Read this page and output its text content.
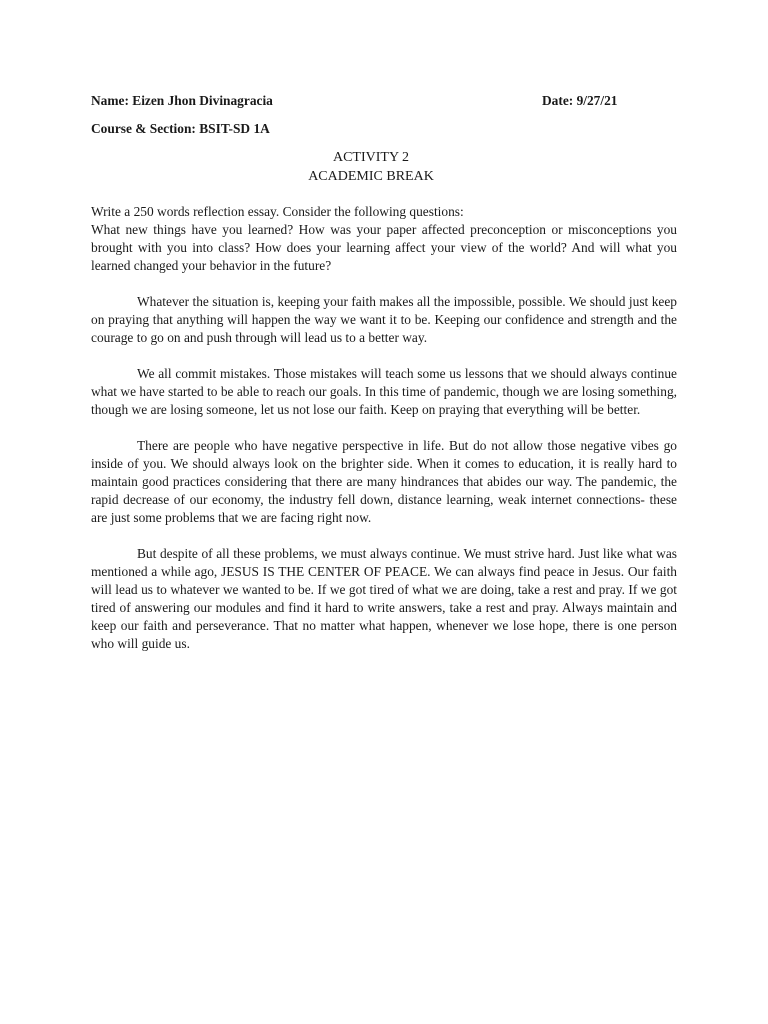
Name: Eizen Jhon Divinagracia	Date: 9/27/21
Course & Section: BSIT-SD 1A
ACTIVITY 2
ACADEMIC BREAK

Write a 250 words reflection essay. Consider the following questions:

What new things have you learned? How was your paper affected preconception or misconceptions you brought with you into class? How does your learning affect your view of the world? And will what you learned changed your behavior in the future?

Whatever the situation is, keeping your faith makes all the impossible, possible. We should just keep on praying that anything will happen the way we want it to be. Keeping our confidence and strength and the courage to go on and push through will lead us to a better way.

We all commit mistakes. Those mistakes will teach some us lessons that we should always continue what we have started to be able to reach our goals. In this time of pandemic, though we are losing something, though we are losing someone, let us not lose our faith. Keep on praying that everything will be better.

There are people who have negative perspective in life. But do not allow those negative vibes go inside of you. We should always look on the brighter side. When it comes to education, it is really hard to maintain good practices considering that there are many hindrances that abides our way. The pandemic, the rapid decrease of our economy, the industry fell down, distance learning, weak internet connections- these are just some problems that we are facing right now.

But despite of all these problems, we must always continue. We must strive hard. Just like what was mentioned a while ago, JESUS IS THE CENTER OF PEACE. We can always find peace in Jesus. Our faith will lead us to whatever we wanted to be. If we got tired of what we are doing, take a rest and pray. If we got tired of answering our modules and find it hard to write answers, take a rest and pray. Always maintain and keep our faith and perseverance. That no matter what happen, whenever we lose hope, there is one person who will guide us.
